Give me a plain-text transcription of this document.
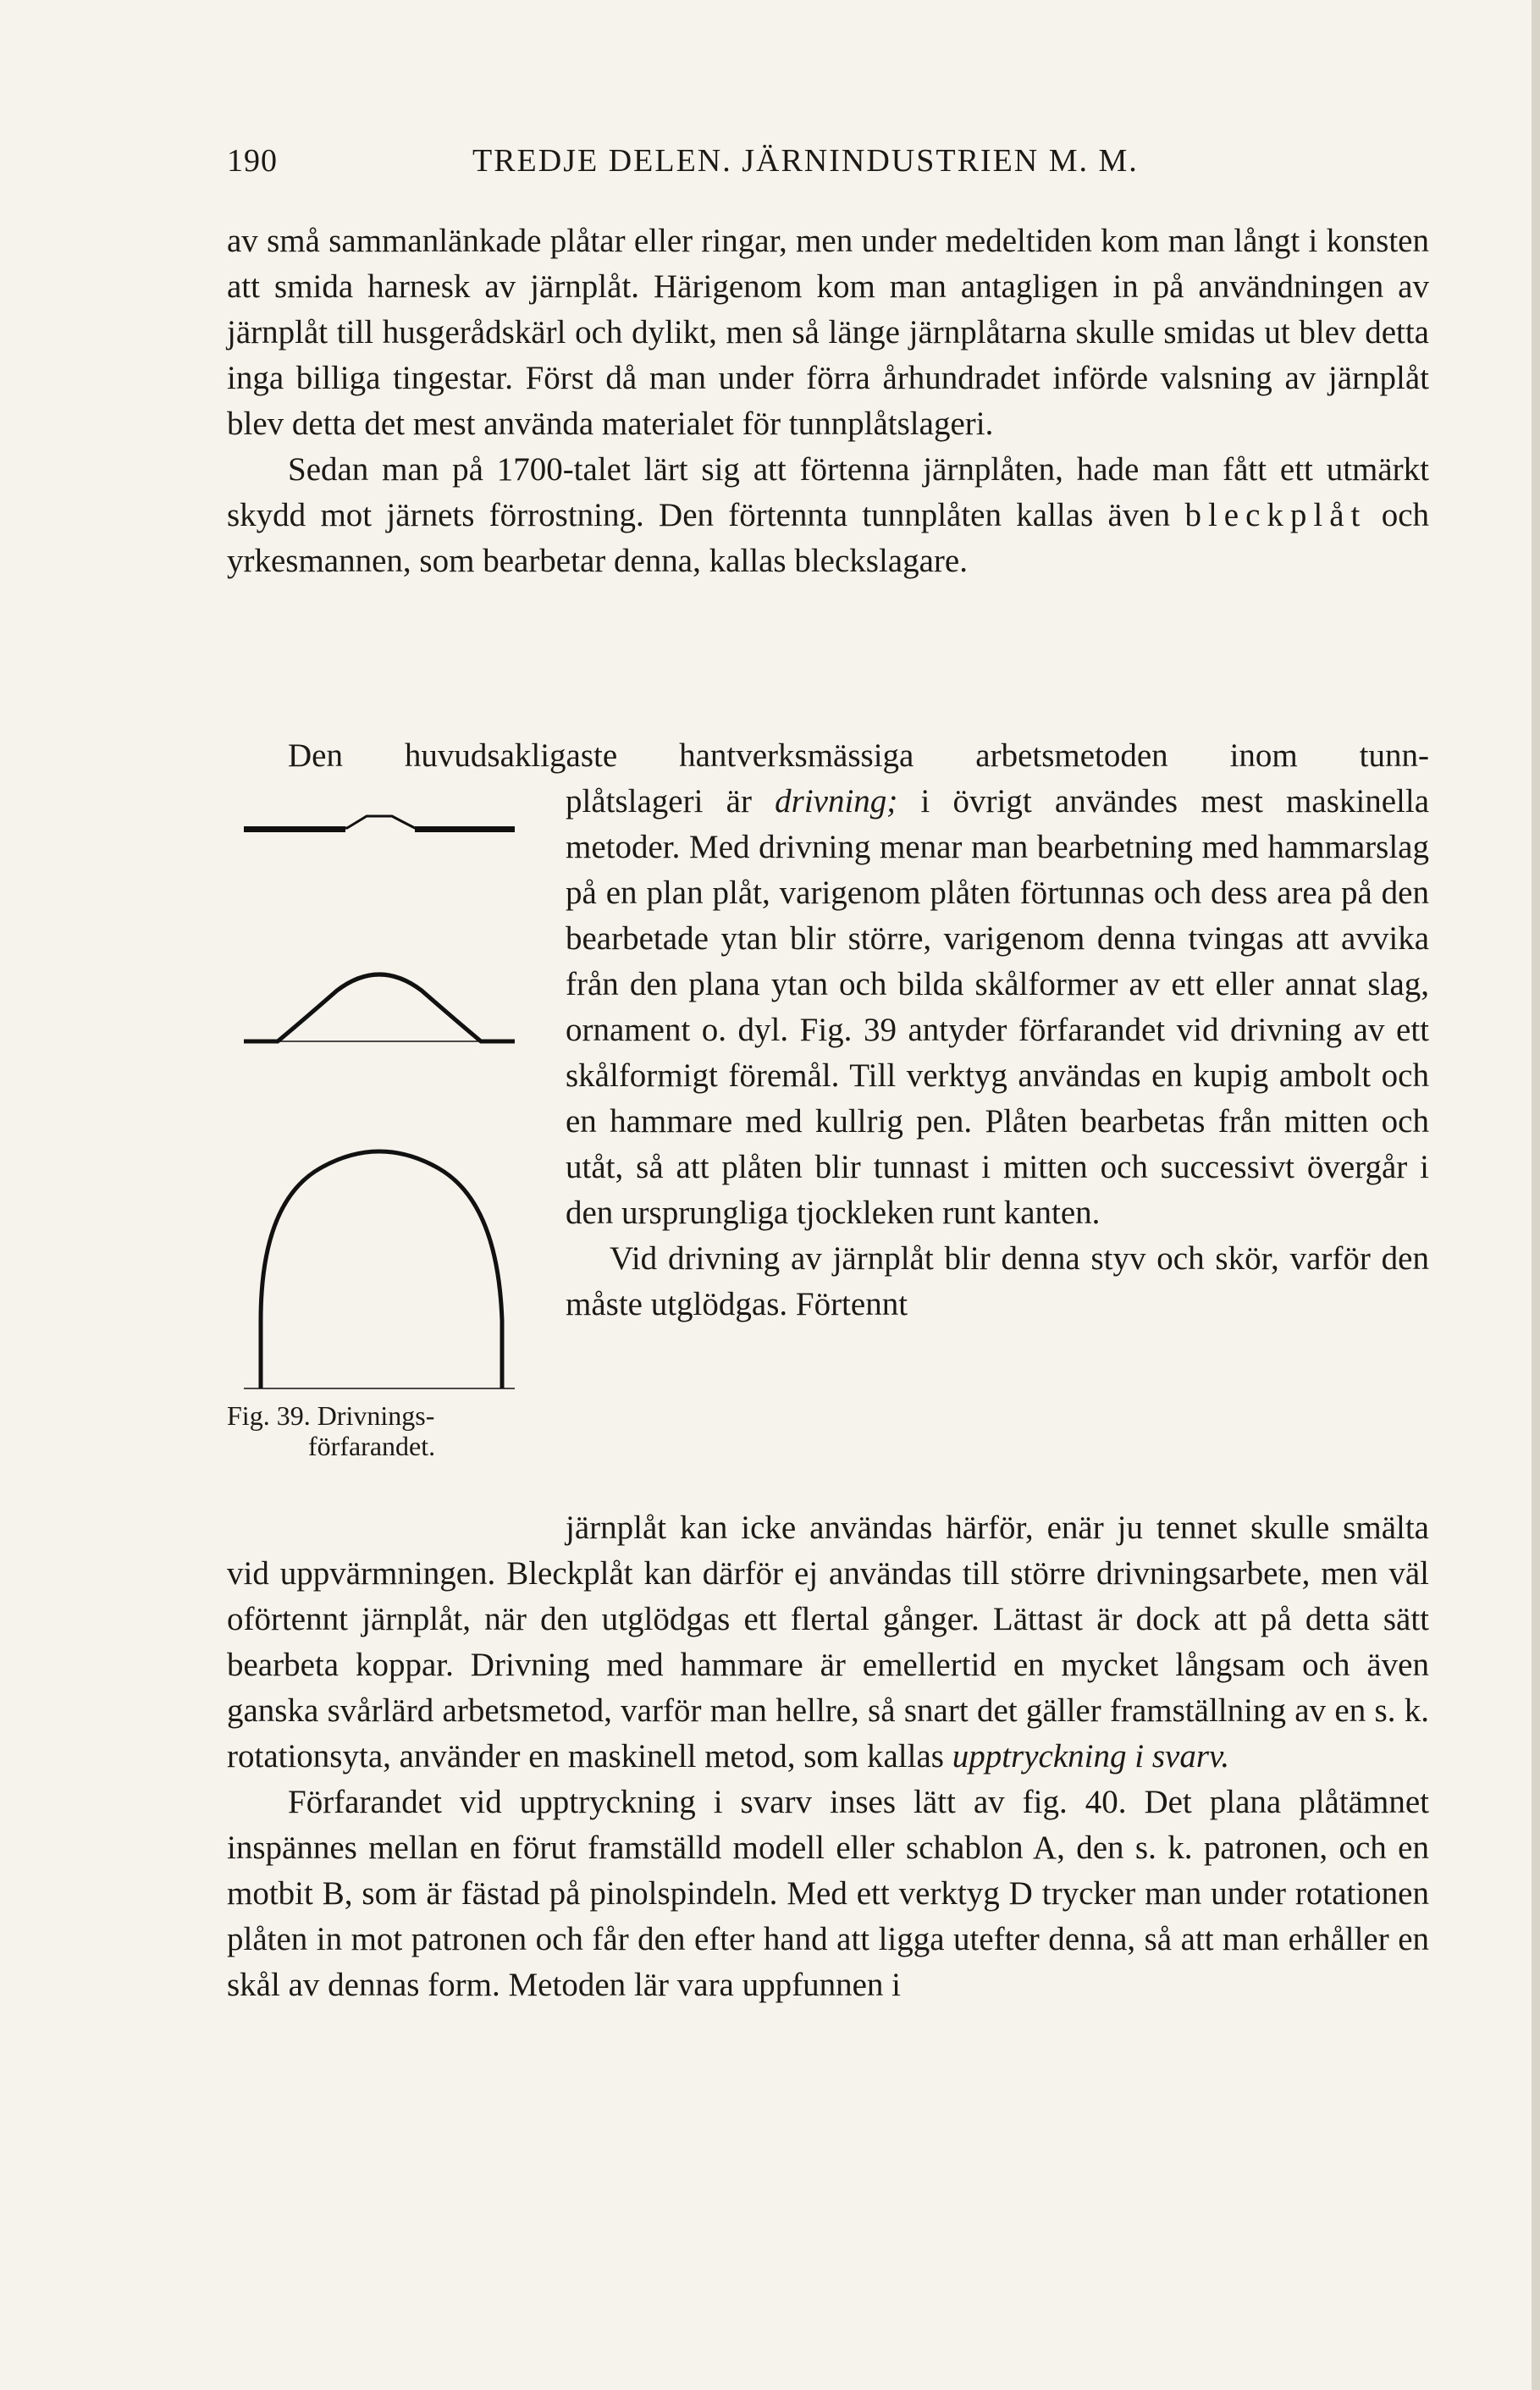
190	TREDJE DELEN. JÄRNINDUSTRIEN M. M.

av små sammanlänkade plåtar eller ringar, men under medeltiden kom man långt i konsten att smida harnesk av järnplåt. Härigenom kom man antagligen in på användningen av järnplåt till husgerådskärl och dylikt, men så länge järnplåtarna skulle smidas ut blev detta inga billiga tingestar. Först då man under förra århundradet införde valsning av järnplåt blev detta det mest använda materialet för tunnplåtslageri.

Sedan man på 1700-talet lärt sig att förtenna järnplåten, hade man fått ett utmärkt skydd mot järnets förrostning. Den förtennta tunnplåten kallas även bleckplåt och yrkesmannen, som bearbetar denna, kallas bleckslagare.

Den huvudsakligaste hantverksmässiga arbetsmetoden inom tunn-

plåtslageri är drivning; i övrigt användes mest maskinella metoder. Med drivning menar man bearbetning med hammarslag på en plan plåt, varigenom plåten förtunnas och dess area på den bearbetade ytan blir större, varigenom denna tvingas att avvika från den plana ytan och bilda skålformer av ett eller annat slag, ornament o. dyl. Fig. 39 antyder förfarandet vid drivning av ett skålformigt föremål. Till verktyg användas en kupig ambolt och en hammare med kullrig pen. Plåten bearbetas från mitten och utåt, så att plåten blir tunnast i mitten och successivt övergår i den ursprungliga tjockleken runt kanten.

Vid drivning av järnplåt blir denna styv och skör, varför den måste utglödgas. Förtennt

Fig. 39. Drivnings-
förfarandet.

järnplåt kan icke användas härför, enär ju tennet skulle smälta vid uppvärmningen. Bleckplåt kan därför ej användas till större drivningsarbete, men väl oförtennt järnplåt, när den utglödgas ett flertal gånger. Lättast är dock att på detta sätt bearbeta koppar. Drivning med hammare är emellertid en mycket långsam och även ganska svårlärd arbetsmetod, varför man hellre, så snart det gäller framställning av en s. k. rotationsyta, använder en maskinell metod, som kallas upptryckning i svarv.

Förfarandet vid upptryckning i svarv inses lätt av fig. 40. Det plana plåtämnet inspännes mellan en förut framställd modell eller schablon A, den s. k. patronen, och en motbit B, som är fästad på pinolspindeln. Med ett verktyg D trycker man under rotationen plåten in mot patronen och får den efter hand att ligga utefter denna, så att man erhåller en skål av dennas form. Metoden lär vara uppfunnen i
